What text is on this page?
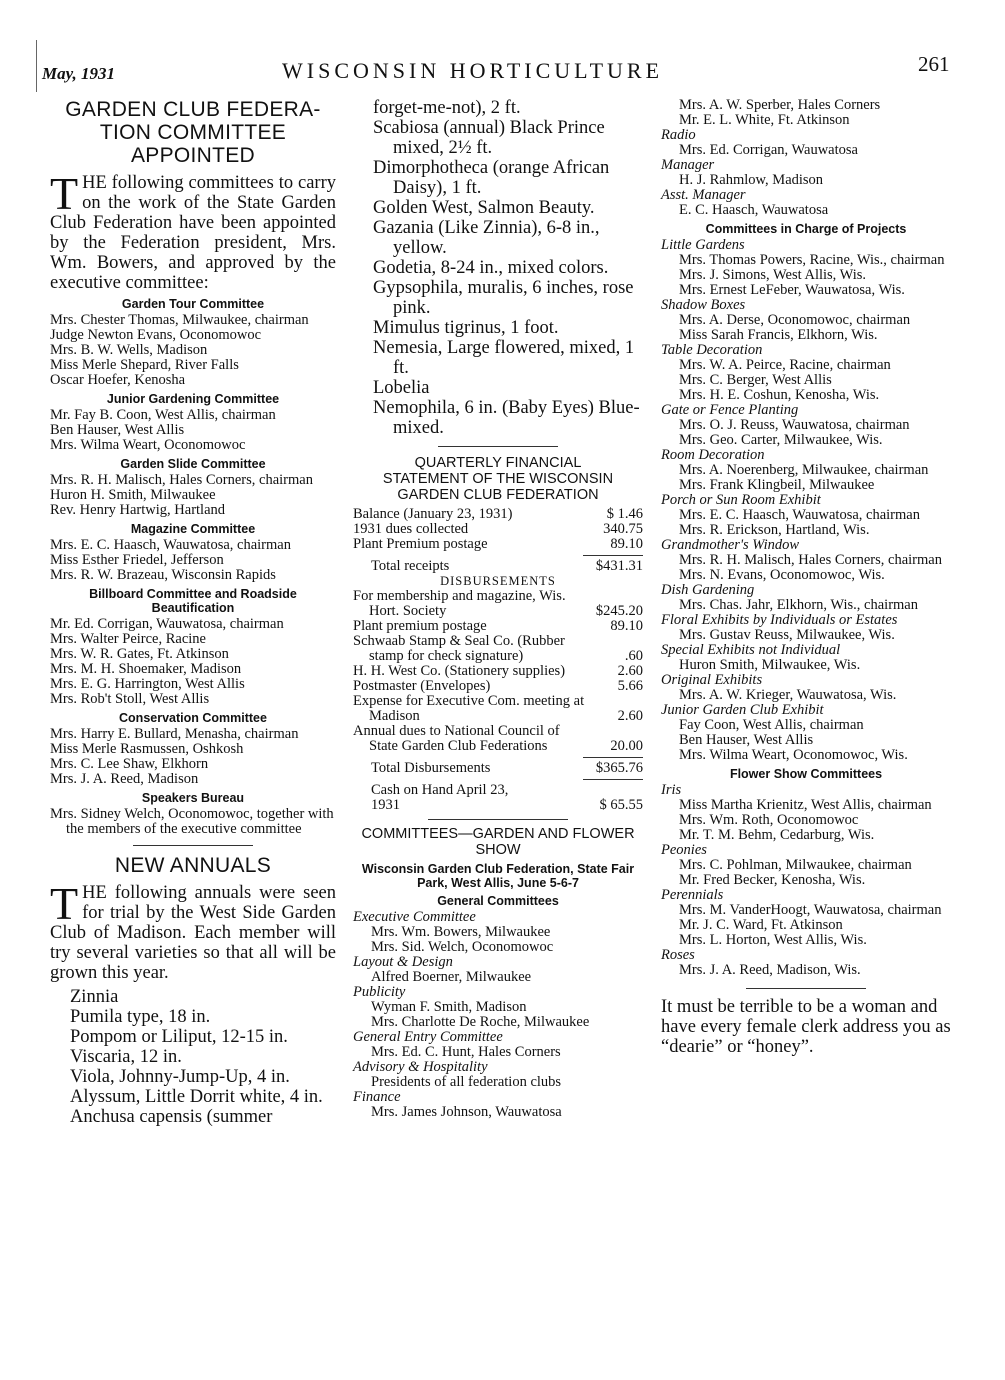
May, 1931	WISCONSIN HORTICULTURE	261
GARDEN CLUB FEDERA-TION COMMITTEE APPOINTED
T HE following committees to carry on the work of the State Garden Club Federation have been appointed by the Federation president, Mrs. Wm. Bowers, and approved by the executive committee:
Garden Tour Committee
Mrs. Chester Thomas, Milwaukee, chairman
Judge Newton Evans, Oconomowoc
Mrs. B. W. Wells, Madison
Miss Merle Shepard, River Falls
Oscar Hoefer, Kenosha
Junior Gardening Committee
Mr. Fay B. Coon, West Allis, chairman
Ben Hauser, West Allis
Mrs. Wilma Weart, Oconomowoc
Garden Slide Committee
Mrs. R. H. Malisch, Hales Corners, chairman
Huron H. Smith, Milwaukee
Rev. Henry Hartwig, Hartland
Magazine Committee
Mrs. E. C. Haasch, Wauwatosa, chairman
Miss Esther Friedel, Jefferson
Mrs. R. W. Brazeau, Wisconsin Rapids
Billboard Committee and Roadside Beautification
Mr. Ed. Corrigan, Wauwatosa, chairman
Mrs. Walter Peirce, Racine
Mrs. W. R. Gates, Ft. Atkinson
Mrs. M. H. Shoemaker, Madison
Mrs. E. G. Harrington, West Allis
Mrs. Rob't Stoll, West Allis
Conservation Committee
Mrs. Harry E. Bullard, Menasha, chairman
Miss Merle Rasmussen, Oshkosh
Mrs. C. Lee Shaw, Elkhorn
Mrs. J. A. Reed, Madison
Speakers Bureau
Mrs. Sidney Welch, Oconomowoc, together with the members of the executive committee
NEW ANNUALS
T HE following annuals were seen for trial by the West Side Garden Club of Madison. Each member will try several varieties so that all will be grown this year.
Zinnia
Pumila type, 18 in.
Pompom or Liliput, 12-15 in.
Viscaria, 12 in.
Viola, Johnny-Jump-Up, 4 in.
Alyssum, Little Dorrit white, 4 in.
Anchusa capensis (summer
forget-me-not), 2 ft.
Scabiosa (annual) Black Prince mixed, 2½ ft.
Dimorphotheca (orange African Daisy), 1 ft.
Golden West, Salmon Beauty.
Gazania (Like Zinnia), 6-8 in., yellow.
Godetia, 8-24 in., mixed colors.
Gypsophila, muralis, 6 inches, rose pink.
Mimulus tigrinus, 1 foot.
Nemesia, Large flowered, mixed, 1 ft.
Lobelia
Nemophila, 6 in. (Baby Eyes) Blue-mixed.
QUARTERLY FINANCIAL STATEMENT OF THE WISCONSIN GARDEN CLUB FEDERATION
Balance (January 23, 1931)	$ 1.46
1931 dues collected	340.75
Plant Premium postage	89.10
Total receipts	$431.31
DISBURSEMENTS
For membership and magazine, Wis. Hort. Society	$245.20
Plant premium postage	89.10
Schwaab Stamp & Seal Co. (Rubber stamp for check signature)	.60
H. H. West Co. (Stationery supplies)	2.60
Postmaster (Envelopes)	5.66
Expense for Executive Com. meeting at Madison	2.60
Annual dues to National Council of State Garden Club Federations	20.00
Total Disbursements	$365.76
Cash on Hand April 23, 1931	$ 65.55
COMMITTEES—GARDEN AND FLOWER SHOW
Wisconsin Garden Club Federation, State Fair Park, West Allis, June 5-6-7
General Committees
Executive Committee
Mrs. Wm. Bowers, Milwaukee
Mrs. Sid. Welch, Oconomowoc
Layout & Design
Alfred Boerner, Milwaukee
Publicity
Wyman F. Smith, Madison
Mrs. Charlotte De Roche, Milwaukee
General Entry Committee
Mrs. Ed. C. Hunt, Hales Corners
Advisory & Hospitality
Presidents of all federation clubs
Finance
Mrs. James Johnson, Wauwatosa
Mrs. A. W. Sperber, Hales Corners
Mr. E. L. White, Ft. Atkinson
Radio
Mrs. Ed. Corrigan, Wauwatosa
Manager
H. J. Rahmlow, Madison
Asst. Manager
E. C. Haasch, Wauwatosa
Committees in Charge of Projects
Little Gardens
Mrs. Thomas Powers, Racine, Wis., chairman
Mrs. J. Simons, West Allis, Wis.
Mrs. Ernest LeFeber, Wauwatosa, Wis.
Shadow Boxes
Mrs. A. Derse, Oconomowoc, chairman
Miss Sarah Francis, Elkhorn, Wis.
Table Decoration
Mrs. W. A. Peirce, Racine, chairman
Mrs. C. Berger, West Allis
Mrs. H. E. Coshun, Kenosha, Wis.
Gate or Fence Planting
Mrs. O. J. Reuss, Wauwatosa, chairman
Mrs. Geo. Carter, Milwaukee, Wis.
Room Decoration
Mrs. A. Noerenberg, Milwaukee, chairman
Mrs. Frank Klingbeil, Milwaukee
Porch or Sun Room Exhibit
Mrs. E. C. Haasch, Wauwatosa, chairman
Mrs. R. Erickson, Hartland, Wis.
Grandmother's Window
Mrs. R. H. Malisch, Hales Corners, chairman
Mrs. N. Evans, Oconomowoc, Wis.
Dish Gardening
Mrs. Chas. Jahr, Elkhorn, Wis., chairman
Floral Exhibits by Individuals or Estates
Mrs. Gustav Reuss, Milwaukee, Wis.
Special Exhibits not Individual
Huron Smith, Milwaukee, Wis.
Original Exhibits
Mrs. A. W. Krieger, Wauwatosa, Wis.
Junior Garden Club Exhibit
Fay Coon, West Allis, chairman
Ben Hauser, West Allis
Mrs. Wilma Weart, Oconomowoc, Wis.
Flower Show Committees
Iris
Miss Martha Krienitz, West Allis, chairman
Mrs. Wm. Roth, Oconomowoc
Mr. T. M. Behm, Cedarburg, Wis.
Peonies
Mrs. C. Pohlman, Milwaukee, chairman
Mr. Fred Becker, Kenosha, Wis.
Perennials
Mrs. M. VanderHoogt, Wauwatosa, chairman
Mr. J. C. Ward, Ft. Atkinson
Mrs. L. Horton, West Allis, Wis.
Roses
Mrs. J. A. Reed, Madison, Wis.
It must be terrible to be a woman and have every female clerk address you as “dearie” or “honey”.
